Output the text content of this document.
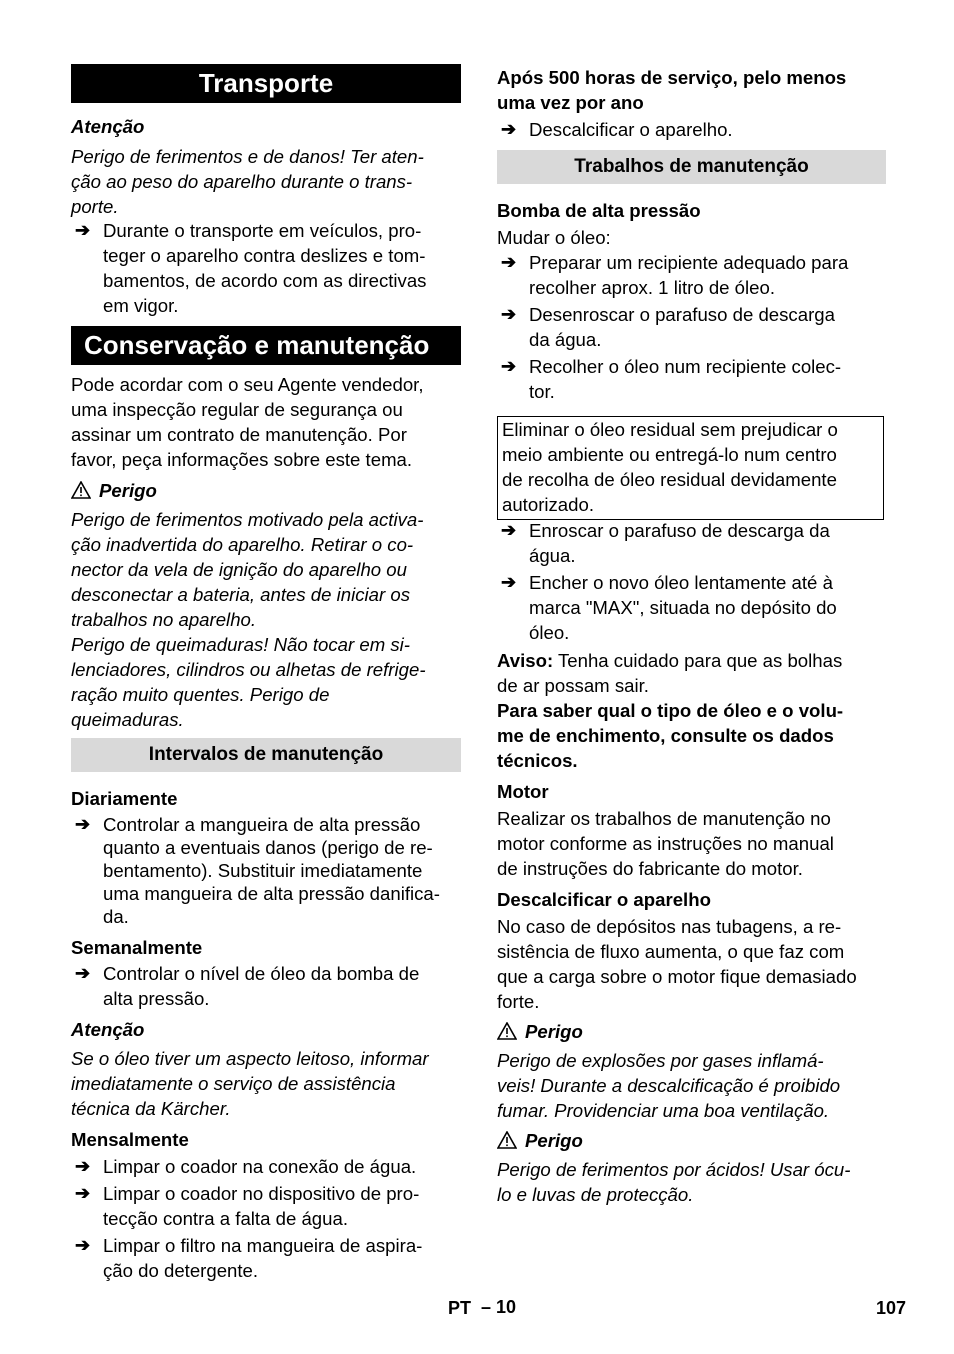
Transporte
Atenção
Perigo de ferimentos e de danos! Ter aten-
ção ao peso do aparelho durante o trans-
porte.
➔ Durante o transporte em veículos, pro-
teger o aparelho contra deslizes e tom-
bamentos, de acordo com as directivas
em vigor.
Conservação e manutenção
Pode acordar com o seu Agente vendedor,
uma inspecção regular de segurança ou
assinar um contrato de manutenção. Por
favor, peça informações sobre este tema.
Perigo
Perigo de ferimentos motivado pela activa-
ção inadvertida do aparelho. Retirar o co-
nector da vela de ignição do aparelho ou
desconectar a bateria, antes de iniciar os
trabalhos no aparelho.
Perigo de queimaduras! Não tocar em si-
lenciadores, cilindros ou alhetas de refrige-
ração muito quentes. Perigo de
queimaduras.
Intervalos de manutenção
Diariamente
➔ Controlar a mangueira de alta pressão
quanto a eventuais danos (perigo de re-
bentamento). Substituir imediatamente
uma mangueira de alta pressão danifica-
da.
Semanalmente
➔ Controlar o nível de óleo da bomba de
alta pressão.
Atenção
Se o óleo tiver um aspecto leitoso, informar
imediatamente o serviço de assistência
técnica da Kärcher.
Mensalmente
➔ Limpar o coador na conexão de água.
➔ Limpar o coador no dispositivo de pro-
tecção contra a falta de água.
➔ Limpar o filtro na mangueira de aspira-
ção do detergente.
Após 500 horas de serviço, pelo menos
uma vez por ano
➔ Descalcificar o aparelho.
Trabalhos de manutenção
Bomba de alta pressão
Mudar o óleo:
➔ Preparar um recipiente adequado para
recolher aprox. 1 litro de óleo.
➔ Desenroscar o parafuso de descarga
da água.
➔ Recolher o óleo num recipiente colec-
tor.
Eliminar o óleo residual sem prejudicar o
meio ambiente ou entregá-lo num centro
de recolha de óleo residual devidamente
autorizado.
➔ Enroscar o parafuso de descarga da
água.
➔ Encher o novo óleo lentamente até à
marca "MAX", situada no depósito do
óleo.
Aviso: Tenha cuidado para que as bolhas
de ar possam sair.
Para saber qual o tipo de óleo e o volu-
me de enchimento, consulte os dados
técnicos.
Motor
Realizar os trabalhos de manutenção no
motor conforme as instruções no manual
de instruções do fabricante do motor.
Descalcificar o aparelho
No caso de depósitos nas tubagens, a re-
sistência de fluxo aumenta, o que faz com
que a carga sobre o motor fique demasiado
forte.
Perigo
Perigo de explosões por gases inflamá-
veis! Durante a descalcificação é proibido
fumar. Providenciar uma boa ventilação.
Perigo
Perigo de ferimentos por ácidos! Usar ócu-
lo e luvas de protecção.
PT – 10	107
